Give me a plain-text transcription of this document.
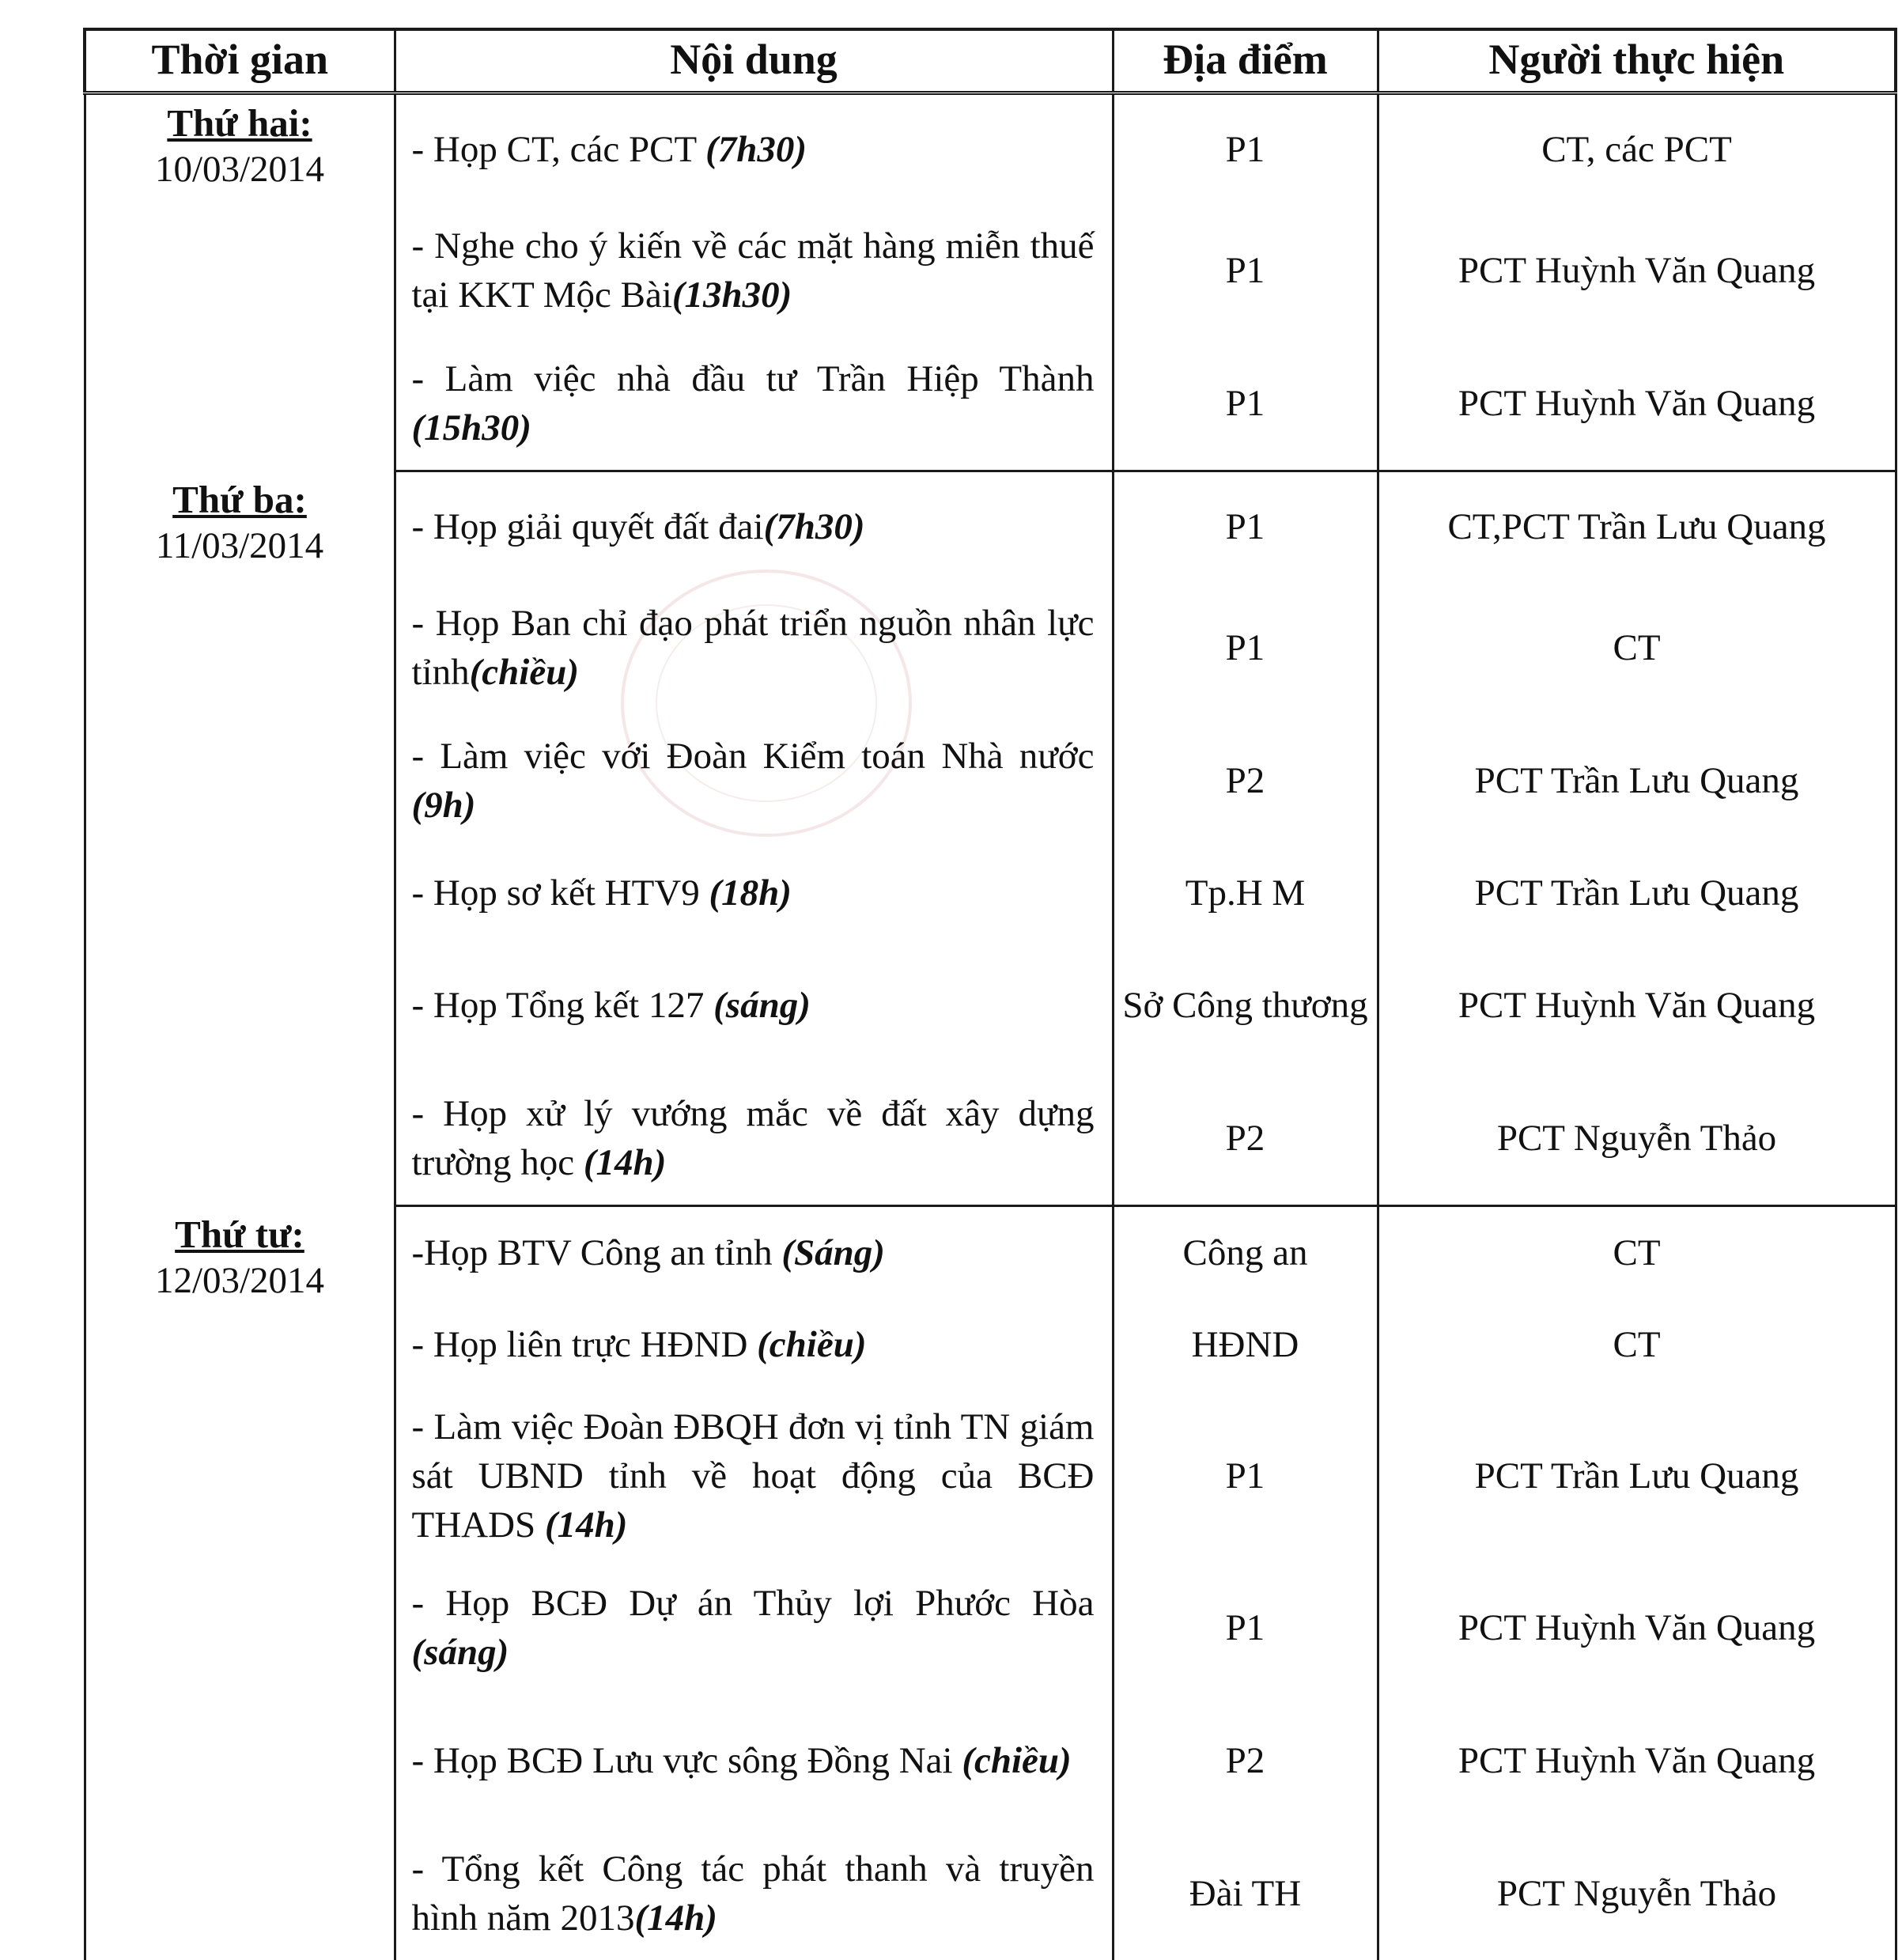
Thời gian	Nội dung	Địa điểm	Người thực hiện

Thứ hai:
10/03/2014	- Họp CT, các PCT (7h30)	P1	CT, các PCT
	- Nghe cho ý kiến về các mặt hàng miễn thuế tại KKT Mộc Bài(13h30)	P1	PCT Huỳnh Văn Quang
	- Làm việc nhà đầu tư Trần Hiệp Thành (15h30)	P1	PCT Huỳnh Văn Quang

Thứ ba:
11/03/2014	- Họp giải quyết đất đai(7h30)	P1	CT,PCT Trần Lưu Quang
	- Họp Ban chỉ đạo phát triển nguồn nhân lực tỉnh(chiều)	P1	CT
	- Làm việc với Đoàn Kiểm toán Nhà nước (9h)	P2	PCT Trần Lưu Quang
	- Họp sơ kết HTV9 (18h)	Tp.H M	PCT Trần Lưu Quang
	- Họp Tổng kết 127 (sáng)	Sở Công thương	PCT Huỳnh Văn Quang
	- Họp xử lý vướng mắc về đất xây dựng trường học (14h)	P2	PCT Nguyễn Thảo

Thứ tư:
12/03/2014	-Họp BTV Công an tỉnh (Sáng)	Công an	CT
	- Họp liên trực HĐND (chiều)	HĐND	CT
	- Làm việc Đoàn ĐBQH đơn vị tỉnh TN giám sát UBND tỉnh về hoạt động của BCĐ THADS (14h)	P1	PCT Trần Lưu Quang
	- Họp BCĐ Dự án Thủy lợi Phước Hòa (sáng)	P1	PCT Huỳnh Văn Quang
	- Họp BCĐ Lưu vực sông Đồng Nai (chiều)	P2	PCT Huỳnh Văn Quang
	- Tổng kết Công tác phát thanh và truyền hình năm 2013(14h)	Đài TH	PCT Nguyễn Thảo
